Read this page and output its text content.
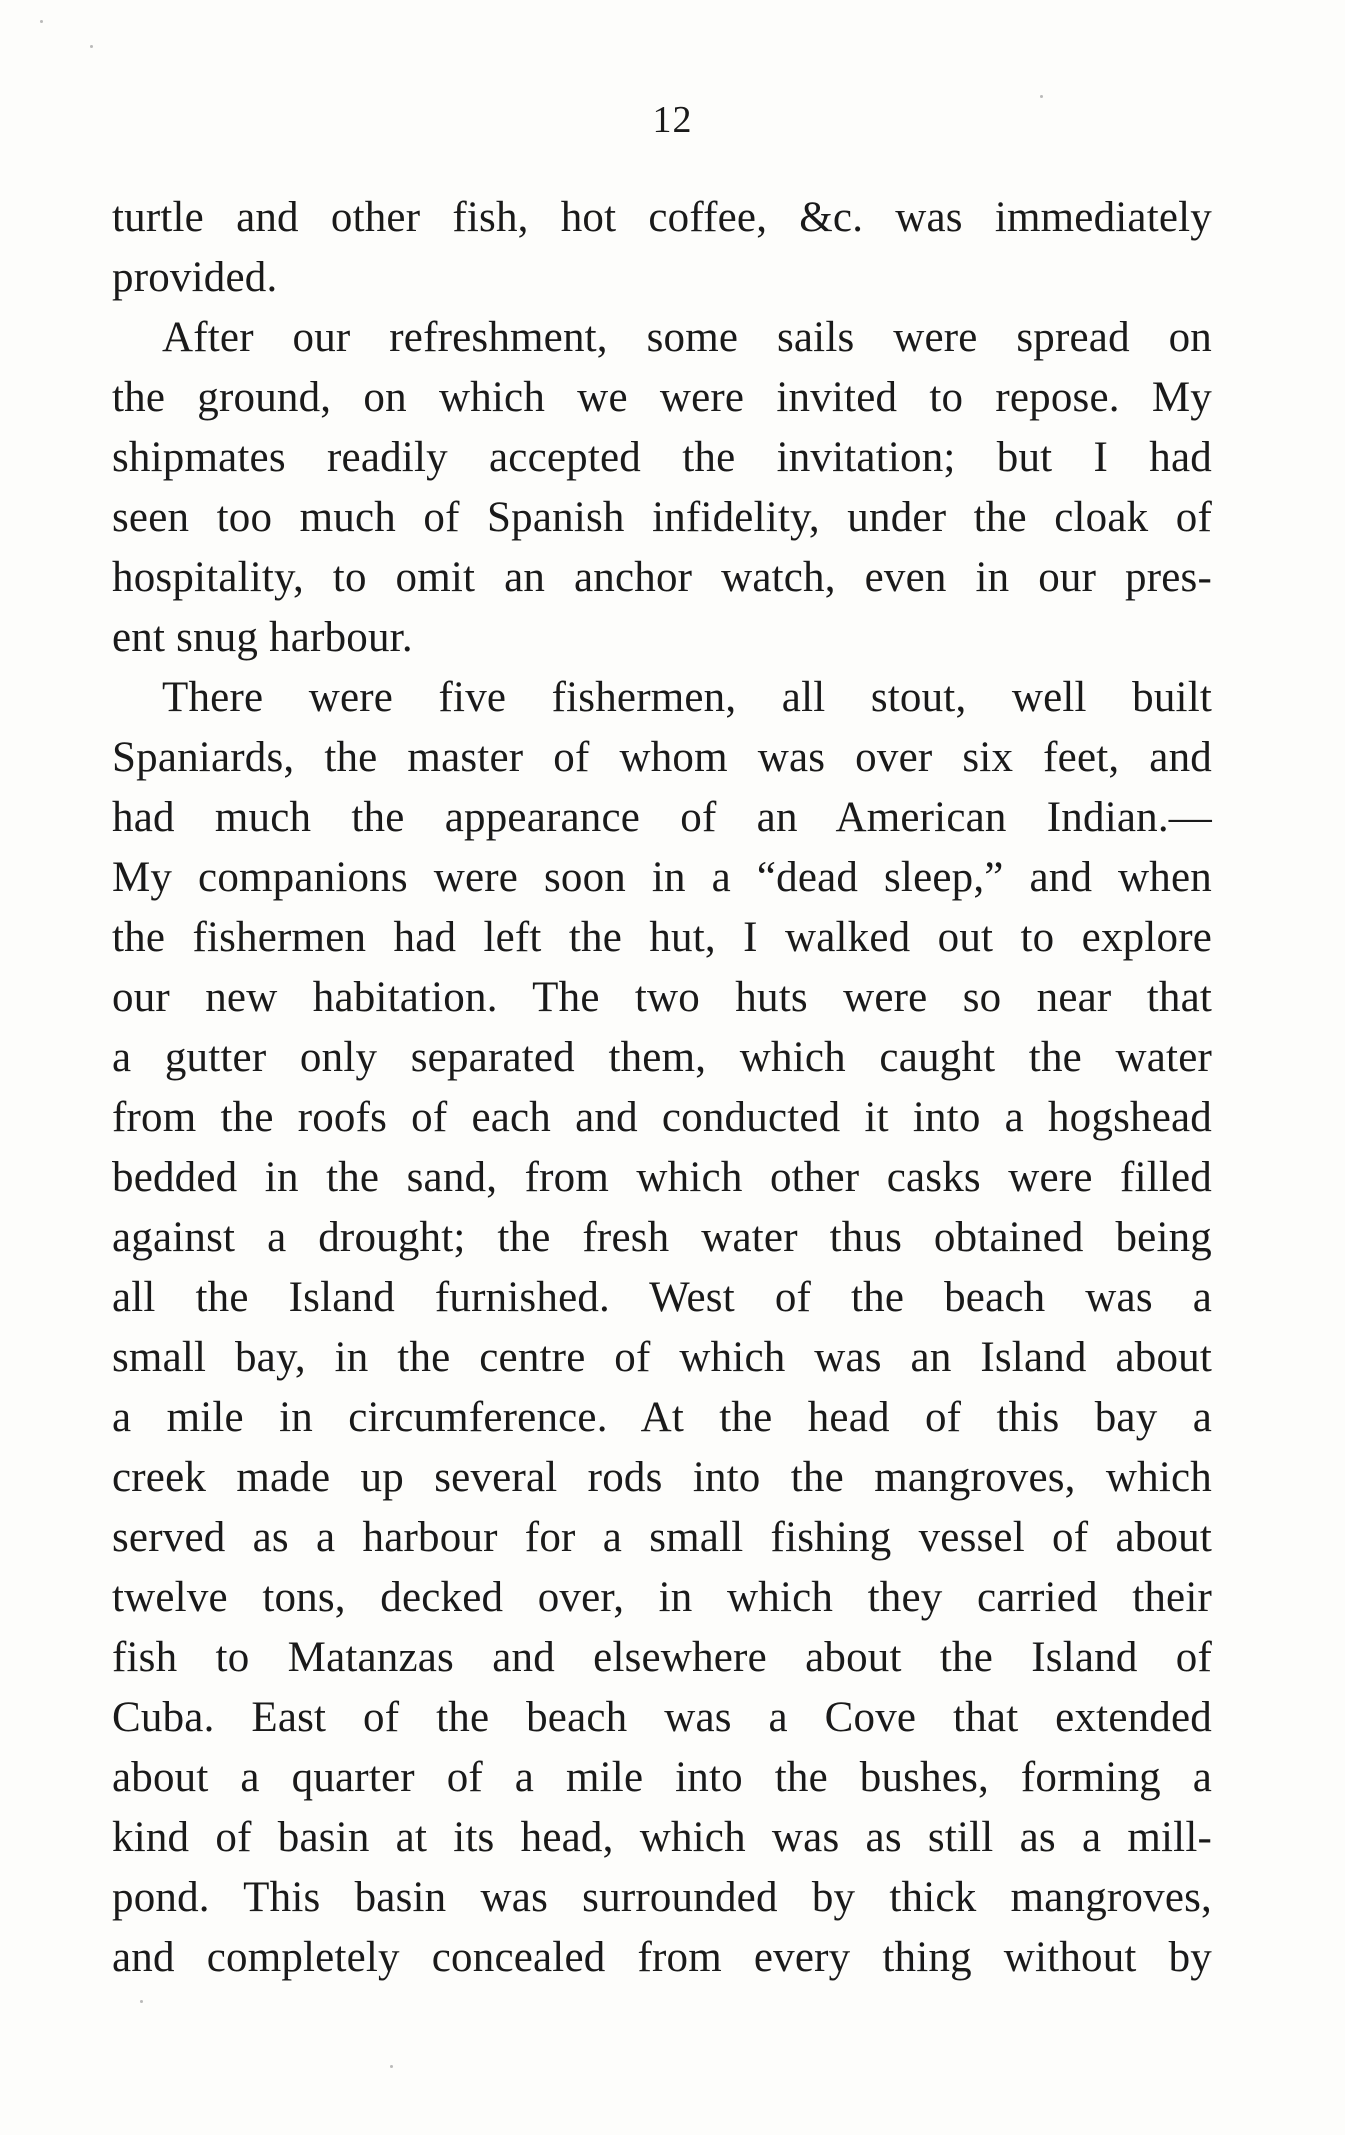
12
turtle and other fish, hot coffee, &c. was immediately
provided.
After our refreshment, some sails were spread on
the ground, on which we were invited to repose. My
shipmates readily accepted the invitation; but I had
seen too much of Spanish infidelity, under the cloak of
hospitality, to omit an anchor watch, even in our pres-
ent snug harbour.
There were five fishermen, all stout, well built
Spaniards, the master of whom was over six feet, and
had much the appearance of an American Indian.—
My companions were soon in a “dead sleep,” and when
the fishermen had left the hut, I walked out to explore
our new habitation. The two huts were so near that
a gutter only separated them, which caught the water
from the roofs of each and conducted it into a hogshead
bedded in the sand, from which other casks were filled
against a drought; the fresh water thus obtained being
all the Island furnished. West of the beach was a
small bay, in the centre of which was an Island about
a mile in circumference. At the head of this bay a
creek made up several rods into the mangroves, which
served as a harbour for a small fishing vessel of about
twelve tons, decked over, in which they carried their
fish to Matanzas and elsewhere about the Island of
Cuba. East of the beach was a Cove that extended
about a quarter of a mile into the bushes, forming a
kind of basin at its head, which was as still as a mill-
pond. This basin was surrounded by thick mangroves,
and completely concealed from every thing without by
